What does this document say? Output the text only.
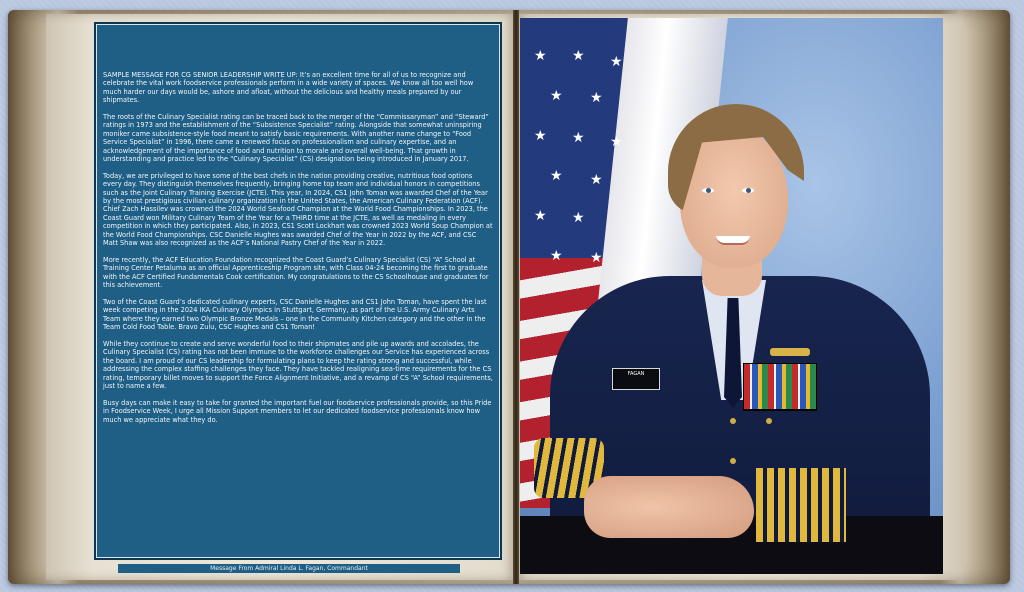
SAMPLE MESSAGE FOR CG SENIOR LEADERSHIP WRITE UP: It’s an excellent time for all of us to recognize and celebrate the vital work foodservice professionals perform in a wide variety of spaces. We know all too well how much harder our days would be, ashore and afloat, without the delicious and healthy meals prepared by our shipmates.

The roots of the Culinary Specialist rating can be traced back to the merger of the “Commissaryman” and “Steward” ratings in 1973 and the establishment of the “Subsistence Specialist” rating. Alongside that somewhat uninspiring moniker came subsistence-style food meant to satisfy basic requirements. With another name change to “Food Service Specialist” in 1996, there came a renewed focus on professionalism and culinary expertise, and an acknowledgement of the importance of food and nutrition to morale and overall well-being. That growth in understanding and practice led to the “Culinary Specialist” (CS) designation being introduced in January 2017.

Today, we are privileged to have some of the best chefs in the nation providing creative, nutritious food options every day. They distinguish themselves frequently, bringing home top team and individual honors in competitions such as the Joint Culinary Training Exercise (JCTE). This year, In 2024, CS1 John Toman was awarded Chef of the Year by the most prestigious civilian culinary organization in the United States, the American Culinary Federation (ACF). Chief Zach Hassilev was crowned the 2024 World Seafood Champion at the World Food Championships. In 2023, the Coast Guard won Military Culinary Team of the Year for a THIRD time at the JCTE, as well as medaling in every competition in which they participated. Also, in 2023, CS1 Scott Lockhart was crowned 2023 World Soup Champion at the World Food Championships. CSC Danielle Hughes was awarded Chef of the Year in 2022 by the ACF, and CSC Matt Shaw was also recognized as the ACF’s National Pastry Chef of the Year in 2022.

More recently, the ACF Education Foundation recognized the Coast Guard’s Culinary Specialist (CS) “A” School at Training Center Petaluma as an official Apprenticeship Program site, with Class 04-24 becoming the first to graduate with the ACF Certified Fundamentals Cook certification. My congratulations to the CS Schoolhouse and graduates for this achievement.

Two of the Coast Guard’s dedicated culinary experts, CSC Danielle Hughes and CS1 John Toman, have spent the last week competing in the 2024 IKA Culinary Olympics in Stuttgart, Germany, as part of the U.S. Army Culinary Arts Team where they earned two Olympic Bronze Medals – one in the Community Kitchen category and the other in the Team Cold Food Table. Bravo Zulu, CSC Hughes and CS1 Toman!

While they continue to create and serve wonderful food to their shipmates and pile up awards and accolades, the Culinary Specialist (CS) rating has not been immune to the workforce challenges our Service has experienced across the board. I am proud of our CS leadership for formulating plans to keep the rating strong and successful, while addressing the complex staffing challenges they face. They have tackled realigning sea-time requirements for the CS rating, temporary billet moves to support the Force Alignment Initiative, and a revamp of CS “A” School requirements, just to name a few.

Busy days can make it easy to take for granted the important fuel our foodservice professionals provide, so this Pride in Foodservice Week, I urge all Mission Support members to let our dedicated foodservice professionals know how much we appreciate what they do.

Message From Admiral Linda L. Fagan, Commandant
★ ★ ★
★ ★
★ ★ ★
★ ★
★ ★
★ ★
FAGAN
